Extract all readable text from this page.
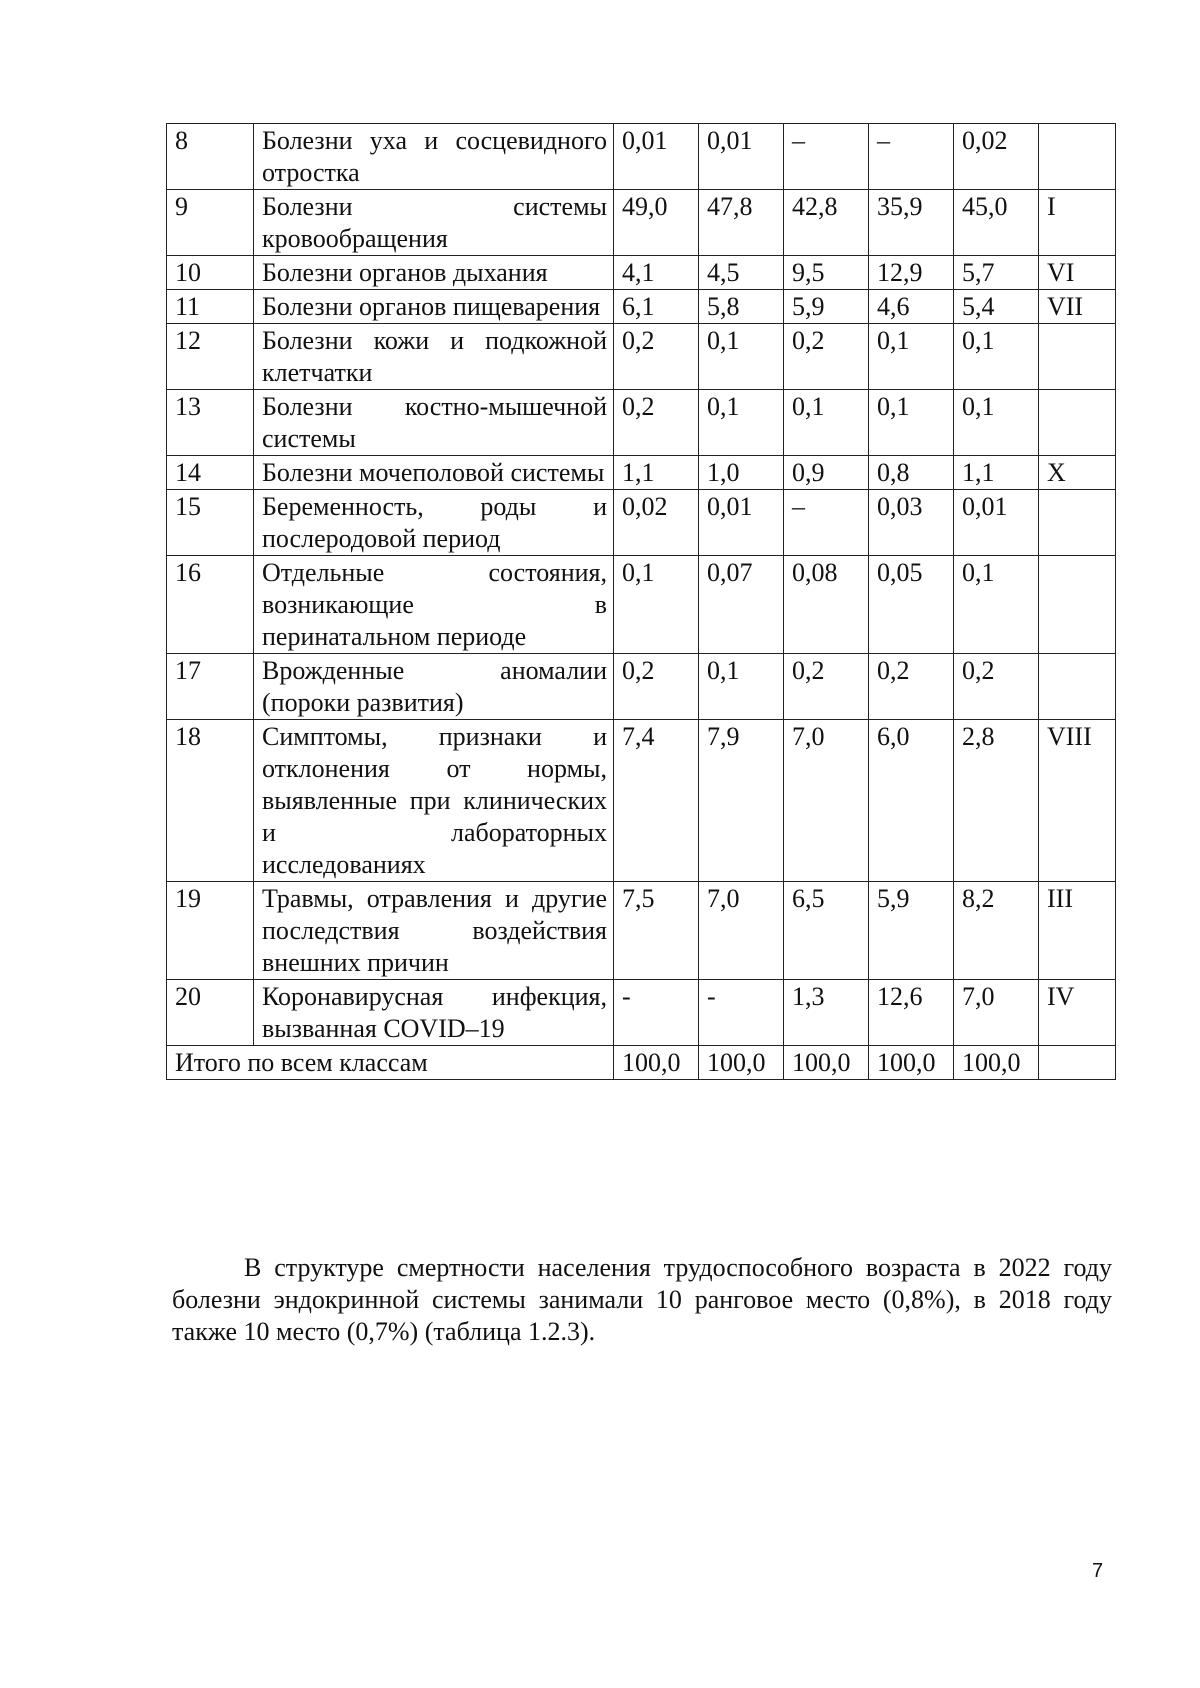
8	Болезни уха и сосцевидного отростка	0,01	0,01	–	–	0,02	
9	Болезни системы кровообращения	49,0	47,8	42,8	35,9	45,0	I
10	Болезни органов дыхания	4,1	4,5	9,5	12,9	5,7	VI
11	Болезни органов пищеварения	6,1	5,8	5,9	4,6	5,4	VII
12	Болезни кожи и подкожной клетчатки	0,2	0,1	0,2	0,1	0,1	
13	Болезни костно-мышечной системы	0,2	0,1	0,1	0,1	0,1	
14	Болезни мочеполовой системы	1,1	1,0	0,9	0,8	1,1	X
15	Беременность, роды и послеродовой период	0,02	0,01	–	0,03	0,01	
16	Отдельные состояния, возникающие в перинатальном периоде	0,1	0,07	0,08	0,05	0,1	
17	Врожденные аномалии (пороки развития)	0,2	0,1	0,2	0,2	0,2	
18	Симптомы, признаки и отклонения от нормы, выявленные при клинических и лабораторных исследованиях	7,4	7,9	7,0	6,0	2,8	VIII
19	Травмы, отравления и другие последствия воздействия внешних причин	7,5	7,0	6,5	5,9	8,2	III
20	Коронавирусная инфекция, вызванная COVID–19	-	-	1,3	12,6	7,0	IV
Итого по всем классам		100,0	100,0	100,0	100,0	100,0	

В структуре смертности населения трудоспособного возраста в 2022 году болезни эндокринной системы занимали 10 ранговое место (0,8%), в 2018 году также 10 место (0,7%) (таблица 1.2.3).

7
